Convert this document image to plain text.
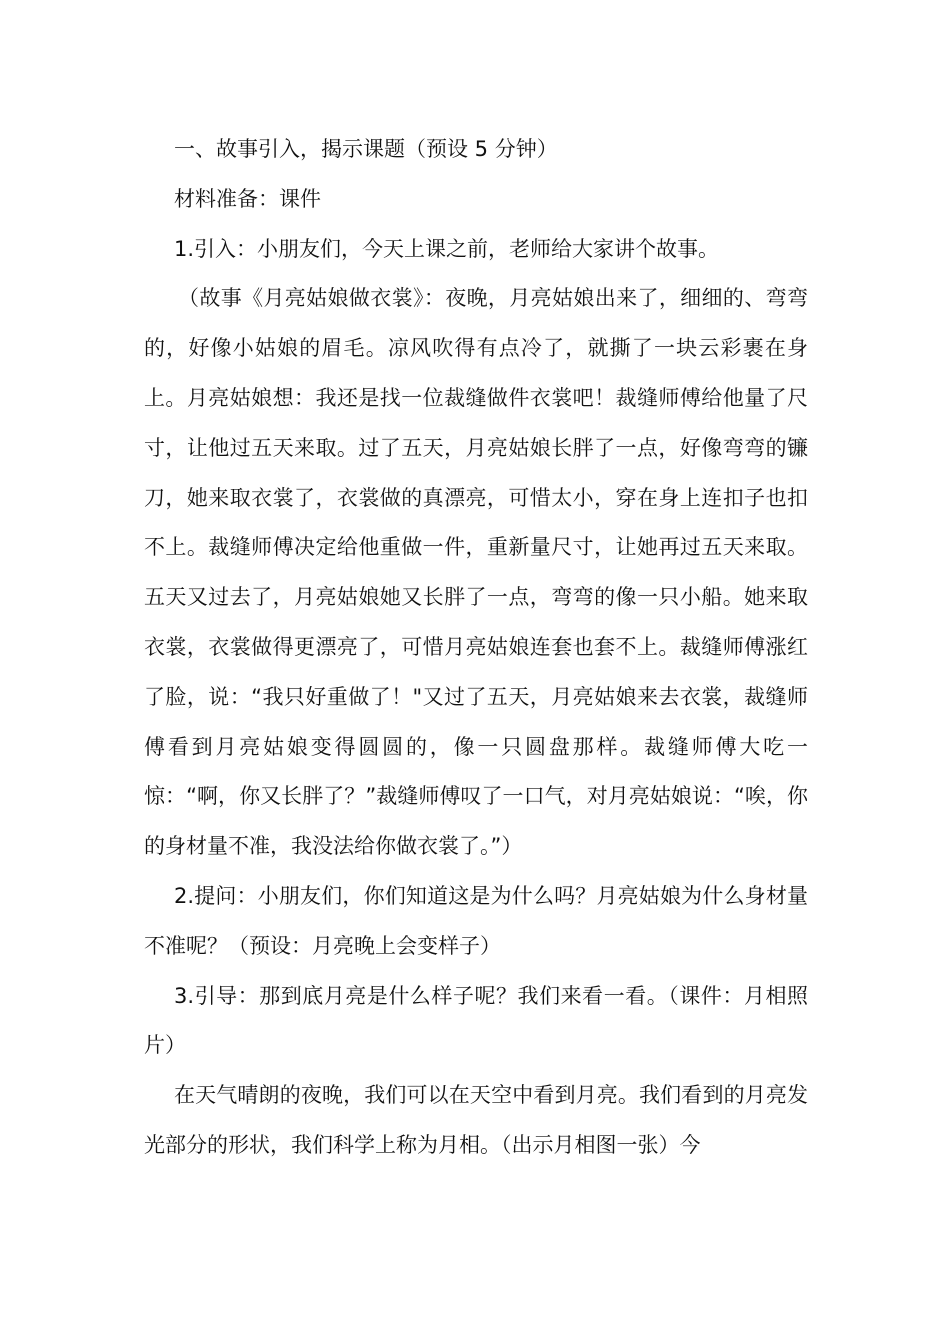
一、故事引入，揭示课题（预设 5 分钟）

材料准备：课件

1.引入：小朋友们，今天上课之前，老师给大家讲个故事。

（故事《月亮姑娘做衣裳》：夜晚，月亮姑娘出来了，细细的、弯弯的，好像小姑娘的眉毛。凉风吹得有点冷了，就撕了一块云彩裹在身上。月亮姑娘想：我还是找一位裁缝做件衣裳吧！裁缝师傅给他量了尺寸，让他过五天来取。过了五天，月亮姑娘长胖了一点，好像弯弯的镰刀，她来取衣裳了，衣裳做的真漂亮，可惜太小，穿在身上连扣子也扣不上。裁缝师傅决定给他重做一件，重新量尺寸，让她再过五天来取。五天又过去了，月亮姑娘她又长胖了一点，弯弯的像一只小船。她来取衣裳，衣裳做得更漂亮了，可惜月亮姑娘连套也套不上。裁缝师傅涨红了脸，说：“我只好重做了！"又过了五天，月亮姑娘来去衣裳，裁缝师傅看到月亮姑娘变得圆圆的，像一只圆盘那样。裁缝师傅大吃一惊：“啊，你又长胖了？”裁缝师傅叹了一口气，对月亮姑娘说：“唉，你的身材量不准，我没法给你做衣裳了。”）

2.提问：小朋友们，你们知道这是为什么吗？月亮姑娘为什么身材量不准呢？（预设：月亮晚上会变样子）

3.引导：那到底月亮是什么样子呢？我们来看一看。（课件：月相照片）

在天气晴朗的夜晚，我们可以在天空中看到月亮。我们看到的月亮发光部分的形状，我们科学上称为月相。（出示月相图一张）今
